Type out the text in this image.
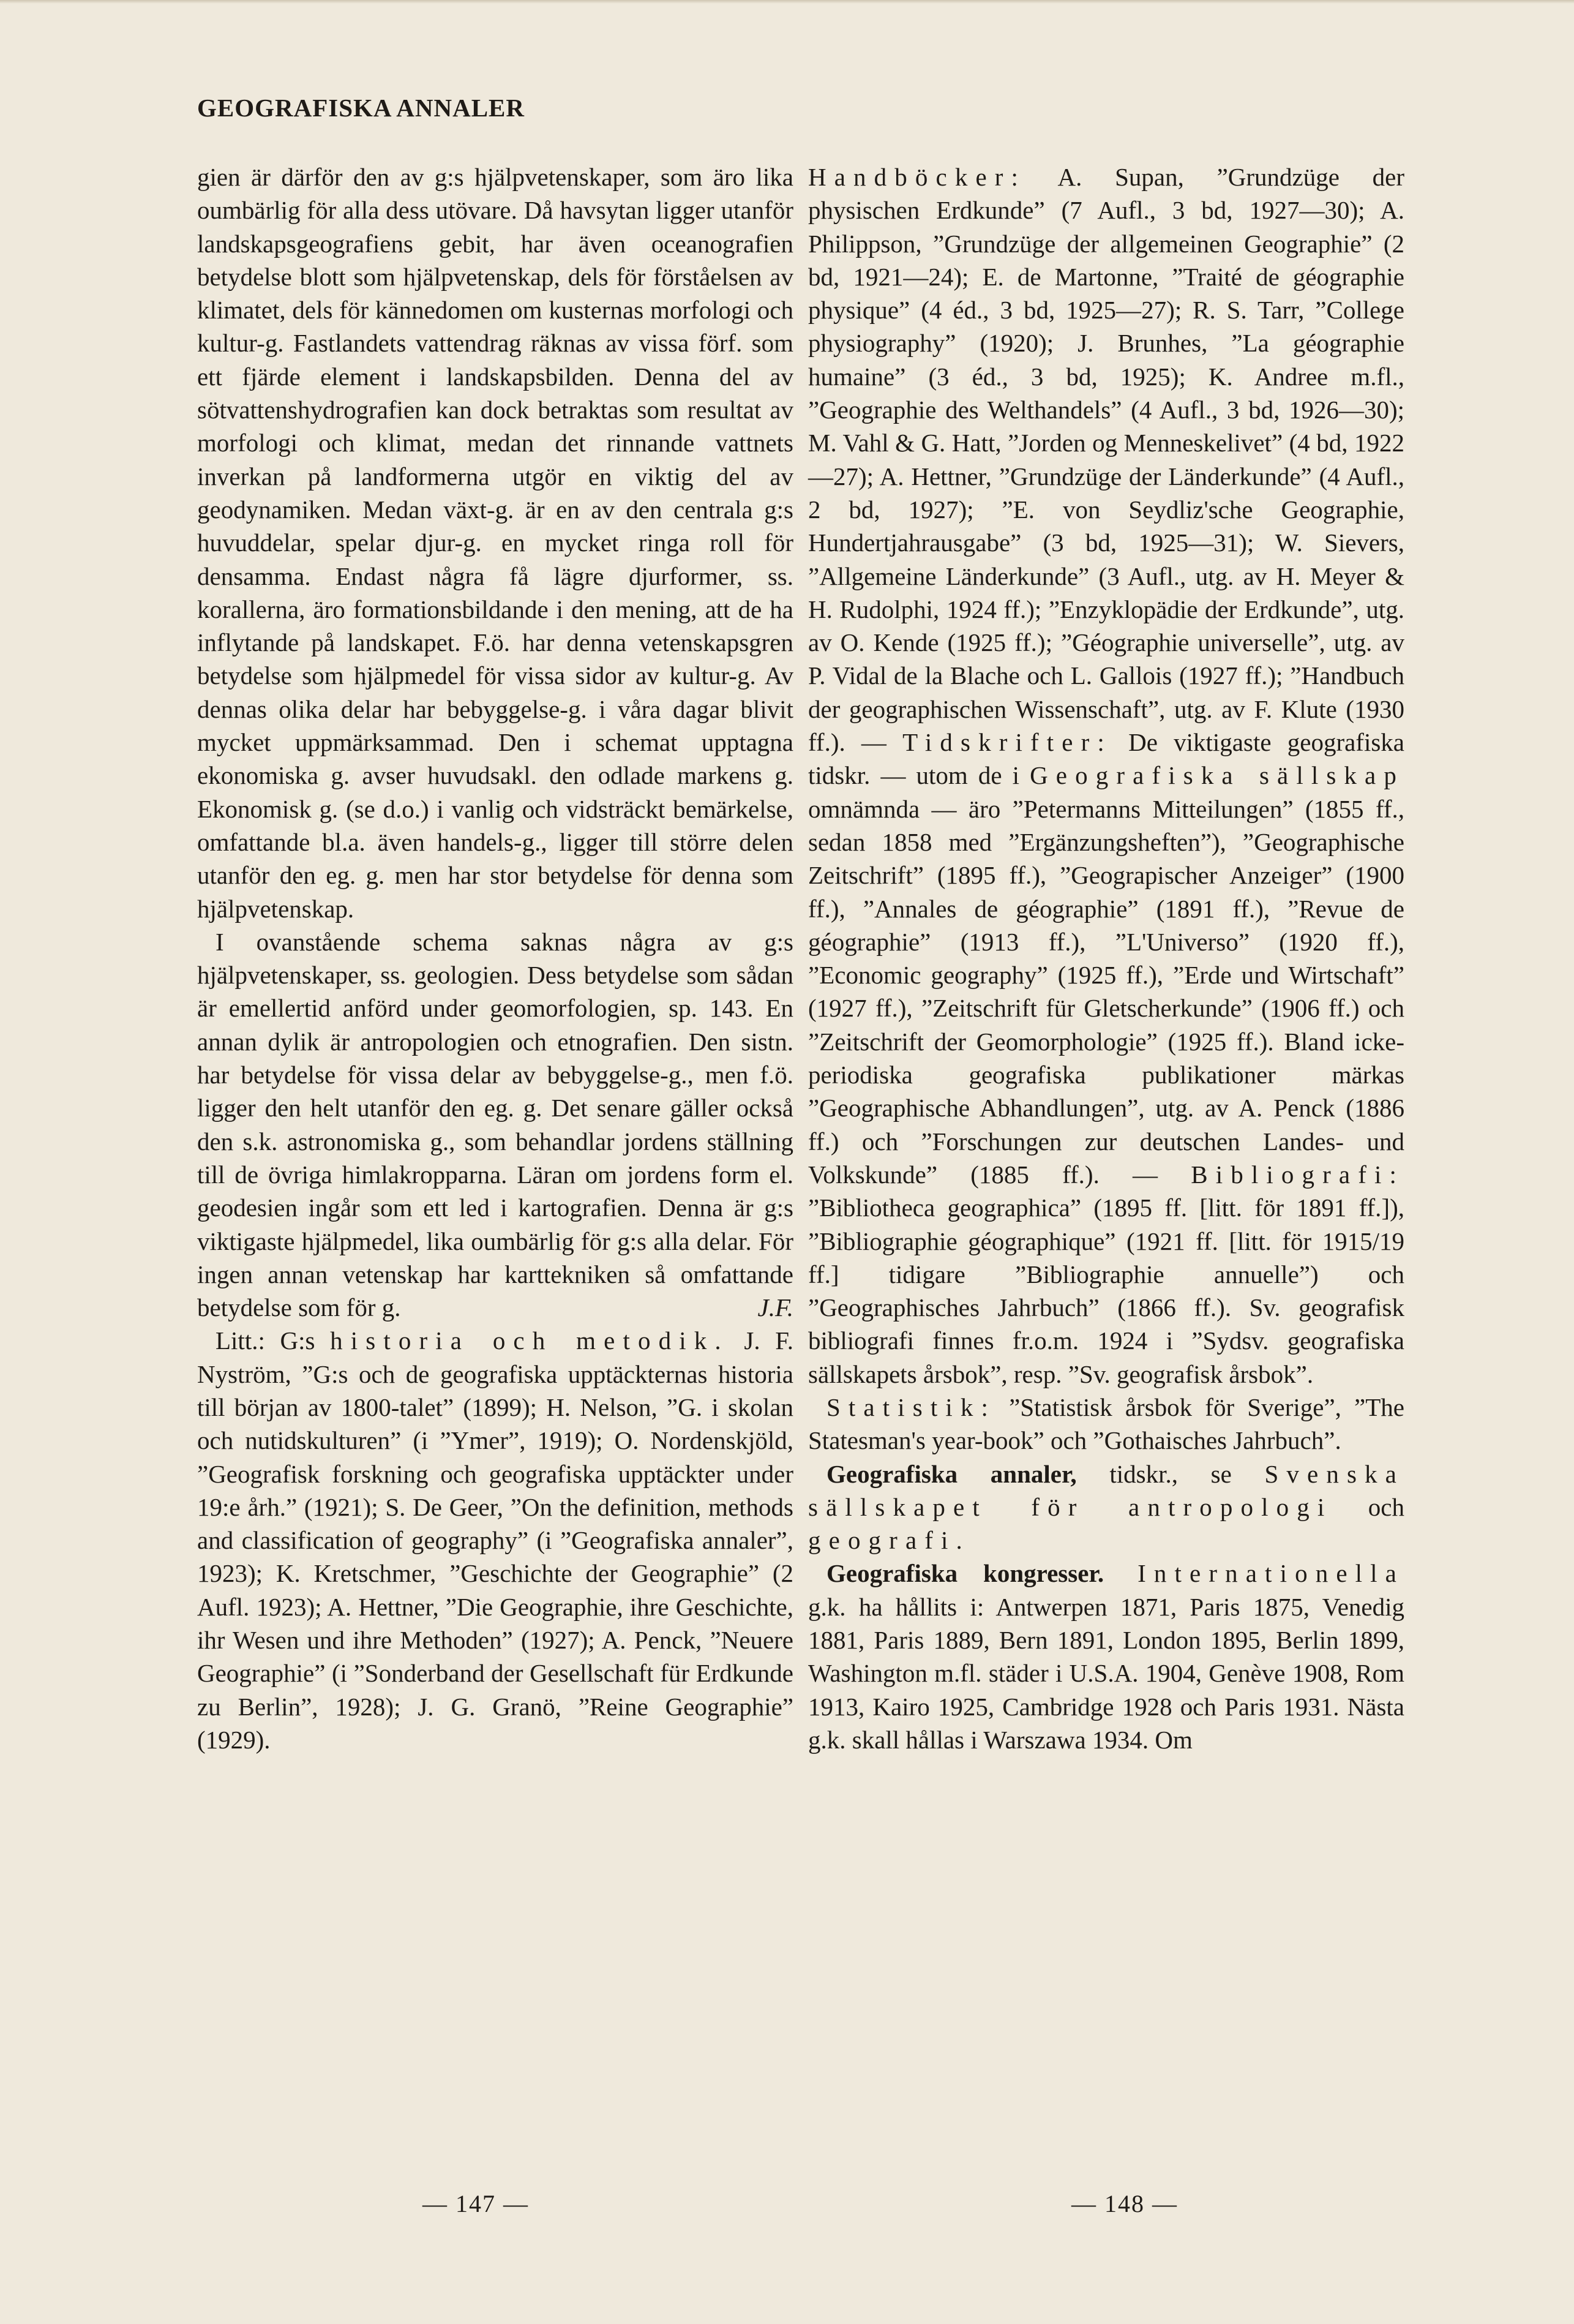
GEOGRAFISKA ANNALER

gien är därför den av g:s hjälpvetenskaper, som äro lika oumbärlig för alla dess utövare. Då havsytan ligger utanför landskapsgeografiens gebit, har även oceanografien betydelse blott som hjälpvetenskap, dels för förståelsen av klimatet, dels för kännedomen om kusternas morfologi och kultur-g. Fastlandets vattendrag räknas av vissa förf. som ett fjärde element i landskapsbilden. Denna del av sötvattenshydrografien kan dock betraktas som resultat av morfologi och klimat, medan det rinnande vattnets inverkan på landformerna utgör en viktig del av geodynamiken. Medan växt-g. är en av den centrala g:s huvuddelar, spelar djur-g. en mycket ringa roll för densamma. Endast några få lägre djurformer, ss. korallerna, äro formationsbildande i den mening, att de ha inflytande på landskapet. F.ö. har denna vetenskapsgren betydelse som hjälpmedel för vissa sidor av kultur-g. Av dennas olika delar har bebyggelse-g. i våra dagar blivit mycket uppmärksammad. Den i schemat upptagna ekonomiska g. avser huvudsakl. den odlade markens g. Ekonomisk g. (se d.o.) i vanlig och vidsträckt bemärkelse, omfattande bl.a. även handels-g., ligger till större delen utanför den eg. g. men har stor betydelse för denna som hjälpvetenskap.

I ovanstående schema saknas några av g:s hjälpvetenskaper, ss. geologien. Dess betydelse som sådan är emellertid anförd under geomorfologien, sp. 143. En annan dylik är antropologien och etnografien. Den sistn. har betydelse för vissa delar av bebyggelse-g., men f.ö. ligger den helt utanför den eg. g. Det senare gäller också den s.k. astronomiska g., som behandlar jordens ställning till de övriga himlakropparna. Läran om jordens form el. geodesien ingår som ett led i kartografien. Denna är g:s viktigaste hjälpmedel, lika oumbärlig för g:s alla delar. För ingen annan vetenskap har karttekniken så omfattande betydelse som för g.	J.F.

Litt.: G:s historia och metodik. J. F. Nyström, ”G:s och de geografiska upptäckternas historia till början av 1800-talet” (1899); H. Nelson, ”G. i skolan och nutidskulturen” (i ”Ymer”, 1919); O. Nordenskjöld, ”Geografisk forskning och geografiska upptäckter under 19:e årh.” (1921); S. De Geer, ”On the definition, methods and classification of geography” (i ”Geografiska annaler”, 1923); K. Kretschmer, ”Geschichte der Geographie” (2 Aufl. 1923); A. Hettner, ”Die Geographie, ihre Geschichte, ihr Wesen und ihre Methoden” (1927); A. Penck, ”Neuere Geographie” (i ”Sonderband der Gesellschaft für Erdkunde zu Berlin”, 1928); J. G. Granö, ”Reine Geographie” (1929).

Handböcker: A. Supan, ”Grundzüge der physischen Erdkunde” (7 Aufl., 3 bd, 1927—30); A. Philippson, ”Grundzüge der allgemeinen Geographie” (2 bd, 1921—24); E. de Martonne, ”Traité de géographie physique” (4 éd., 3 bd, 1925—27); R. S. Tarr, ”College physiography” (1920); J. Brunhes, ”La géographie humaine” (3 éd., 3 bd, 1925); K. Andree m.fl., ”Geographie des Welthandels” (4 Aufl., 3 bd, 1926—30); M. Vahl & G. Hatt, ”Jorden og Menneskelivet” (4 bd, 1922—27); A. Hettner, ”Grundzüge der Länderkunde” (4 Aufl., 2 bd, 1927); ”E. von Seydliz'sche Geographie, Hundertjahrausgabe” (3 bd, 1925—31); W. Sievers, ”Allgemeine Länderkunde” (3 Aufl., utg. av H. Meyer & H. Rudolphi, 1924 ff.); ”Enzyklopädie der Erdkunde”, utg. av O. Kende (1925 ff.); ”Géographie universelle”, utg. av P. Vidal de la Blache och L. Gallois (1927 ff.); ”Handbuch der geographischen Wissenschaft”, utg. av F. Klute (1930 ff.). — Tidskrifter: De viktigaste geografiska tidskr. — utom de i Geografiska sällskap omnämnda — äro ”Petermanns Mitteilungen” (1855 ff., sedan 1858 med ”Ergänzungsheften”), ”Geographische Zeitschrift” (1895 ff.), ”Geograpischer Anzeiger” (1900 ff.), ”Annales de géographie” (1891 ff.), ”Revue de géographie” (1913 ff.), ”L'Universo” (1920 ff.), ”Economic geography” (1925 ff.), ”Erde und Wirtschaft” (1927 ff.), ”Zeitschrift für Gletscherkunde” (1906 ff.) och ”Zeitschrift der Geomorphologie” (1925 ff.). Bland icke-periodiska geografiska publikationer märkas ”Geographische Abhandlungen”, utg. av A. Penck (1886 ff.) och ”Forschungen zur deutschen Landes- und Volkskunde” (1885 ff.). — Bibliografi: ”Bibliotheca geographica” (1895 ff. [litt. för 1891 ff.]), ”Bibliographie géographique” (1921 ff. [litt. för 1915/19 ff.] tidigare ”Bibliographie annuelle”) och ”Geographisches Jahrbuch” (1866 ff.). Sv. geografisk bibliografi finnes fr.o.m. 1924 i ”Sydsv. geografiska sällskapets årsbok”, resp. ”Sv. geografisk årsbok”.

Statistik: ”Statistisk årsbok för Sverige”, ”The Statesman's year-book” och ”Gothaisches Jahrbuch”.

Geografiska annaler, tidskr., se Svenska sällskapet för antropologi och geografi.

Geografiska kongresser. Internationella g.k. ha hållits i: Antwerpen 1871, Paris 1875, Venedig 1881, Paris 1889, Bern 1891, London 1895, Berlin 1899, Washington m.fl. städer i U.S.A. 1904, Genève 1908, Rom 1913, Kairo 1925, Cambridge 1928 och Paris 1931. Nästa g.k. skall hållas i Warszawa 1934. Om

— 147 —	— 148 —
